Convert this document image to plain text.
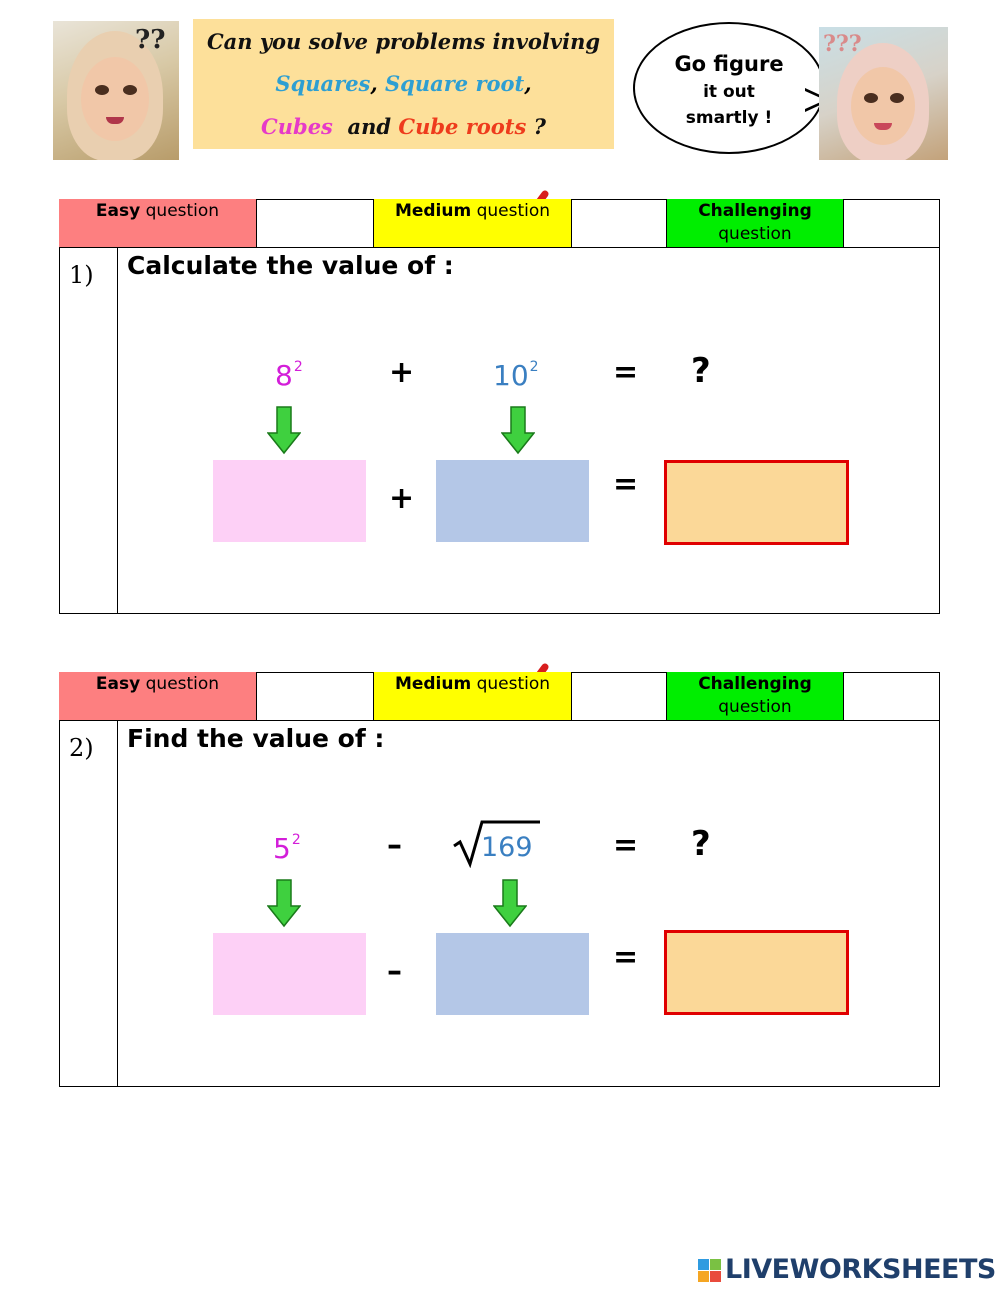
??	Can you solve problems involving
Squares, Square root,
Cubes and Cube roots ?
Go figure
it out
smartly !
???
Easy question	Medium question	Challenging
question
1) Calculate the value of :
$8^2$	+	$10^2$ = ?
+	=
Easy question	Medium question	Challenging
question
2) Find the value of :
$5^2$	–	169	= ?
–	=
LIVEWORKSHEETS
